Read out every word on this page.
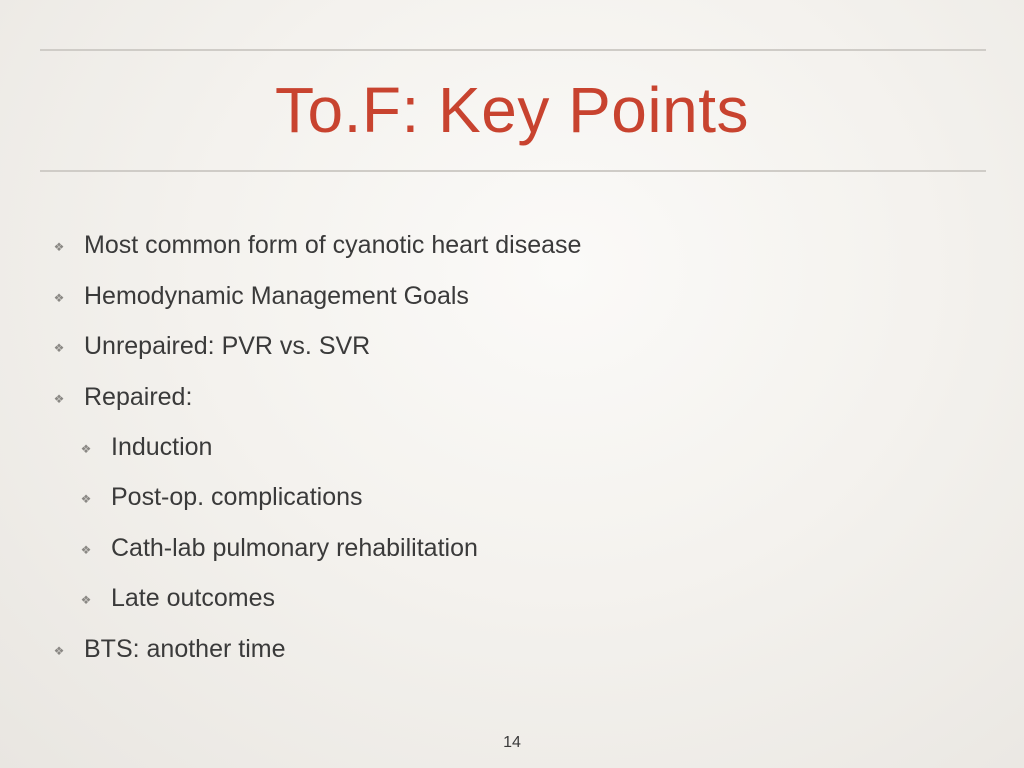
To.F: Key Points
❖ Most common form of cyanotic heart disease
❖ Hemodynamic Management Goals
❖ Unrepaired: PVR vs. SVR
❖ Repaired:
❖ Induction
❖ Post-op. complications
❖ Cath-lab pulmonary rehabilitation
❖ Late outcomes
❖ BTS: another time
14
